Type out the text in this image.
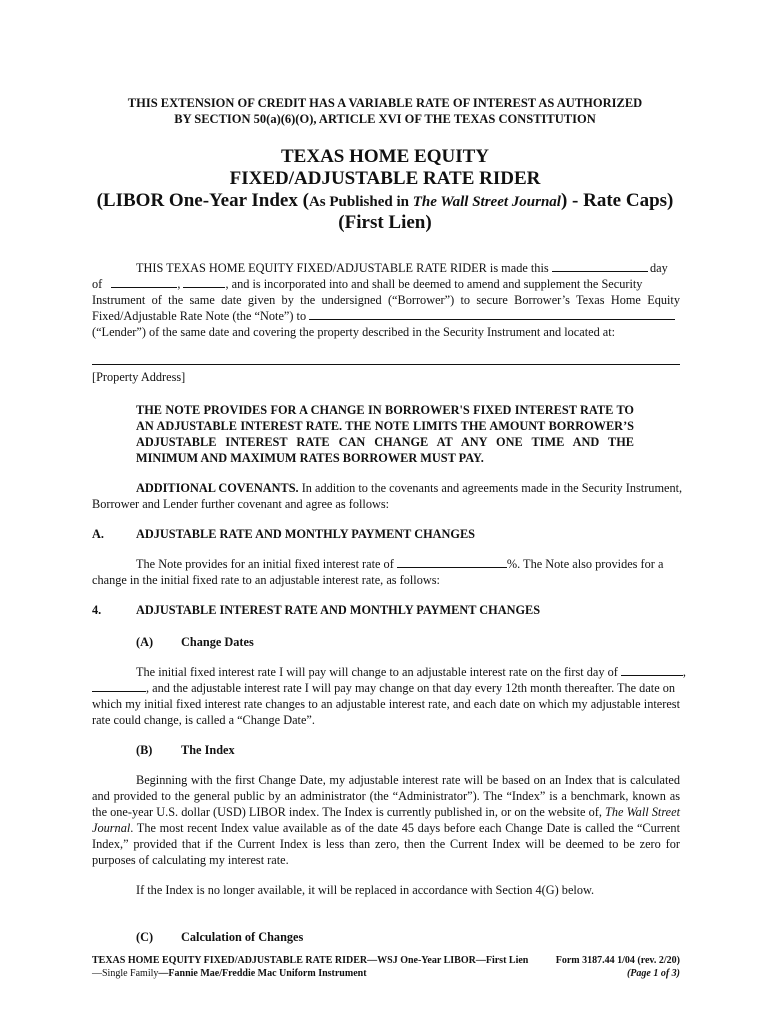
THIS EXTENSION OF CREDIT HAS A VARIABLE RATE OF INTEREST AS AUTHORIZED
BY SECTION 50(a)(6)(O), ARTICLE XVI OF THE TEXAS CONSTITUTION
TEXAS HOME EQUITY
FIXED/ADJUSTABLE RATE RIDER
(LIBOR One-Year Index (As Published in The Wall Street Journal) - Rate Caps)
(First Lien)
THIS TEXAS HOME EQUITY FIXED/ADJUSTABLE RATE RIDER is made this	day
of	,	, and is incorporated into and shall be deemed to amend and supplement the Security
Instrument of the same date given by the undersigned (“Borrower”) to secure Borrower’s Texas Home Equity
Fixed/Adjustable Rate Note (the “Note”) to
(“Lender”) of the same date and covering the property described in the Security Instrument and located at:
[Property Address]
THE NOTE PROVIDES FOR A CHANGE IN BORROWER'S FIXED INTEREST RATE TO
AN ADJUSTABLE INTEREST RATE. THE NOTE LIMITS THE AMOUNT BORROWER’S
ADJUSTABLE INTEREST RATE CAN CHANGE AT ANY ONE TIME AND THE
MINIMUM AND MAXIMUM RATES BORROWER MUST PAY.
ADDITIONAL COVENANTS. In addition to the covenants and agreements made in the Security Instrument,
Borrower and Lender further covenant and agree as follows:
A.	ADJUSTABLE RATE AND MONTHLY PAYMENT CHANGES
The Note provides for an initial fixed interest rate of	%. The Note also provides for a
change in the initial fixed rate to an adjustable interest rate, as follows:
4.	ADJUSTABLE INTEREST RATE AND MONTHLY PAYMENT CHANGES
(A) Change Dates
The initial fixed interest rate I will pay will change to an adjustable interest rate on the first day of	,
, and the adjustable interest rate I will pay may change on that day every 12th month thereafter. The date on
which my initial fixed interest rate changes to an adjustable interest rate, and each date on which my adjustable interest
rate could change, is called a “Change Date”.
(B) The Index
Beginning with the first Change Date, my adjustable interest rate will be based on an Index that is calculated
and provided to the general public by an administrator (the “Administrator”). The “Index” is a benchmark, known as
the one-year U.S. dollar (USD) LIBOR index. The Index is currently published in, or on the website of, The Wall Street
Journal. The most recent Index value available as of the date 45 days before each Change Date is called the “Current
Index,” provided that if the Current Index is less than zero, then the Current Index will be deemed to be zero for
purposes of calculating my interest rate.
If the Index is no longer available, it will be replaced in accordance with Section 4(G) below.
(C) Calculation of Changes
TEXAS HOME EQUITY FIXED/ADJUSTABLE RATE RIDER—WSJ One-Year LIBOR—First Lien
—Single Family—Fannie Mae/Freddie Mac Uniform Instrument
Form 3187.44 1/04 (rev. 2/20)
(Page 1 of 3)
